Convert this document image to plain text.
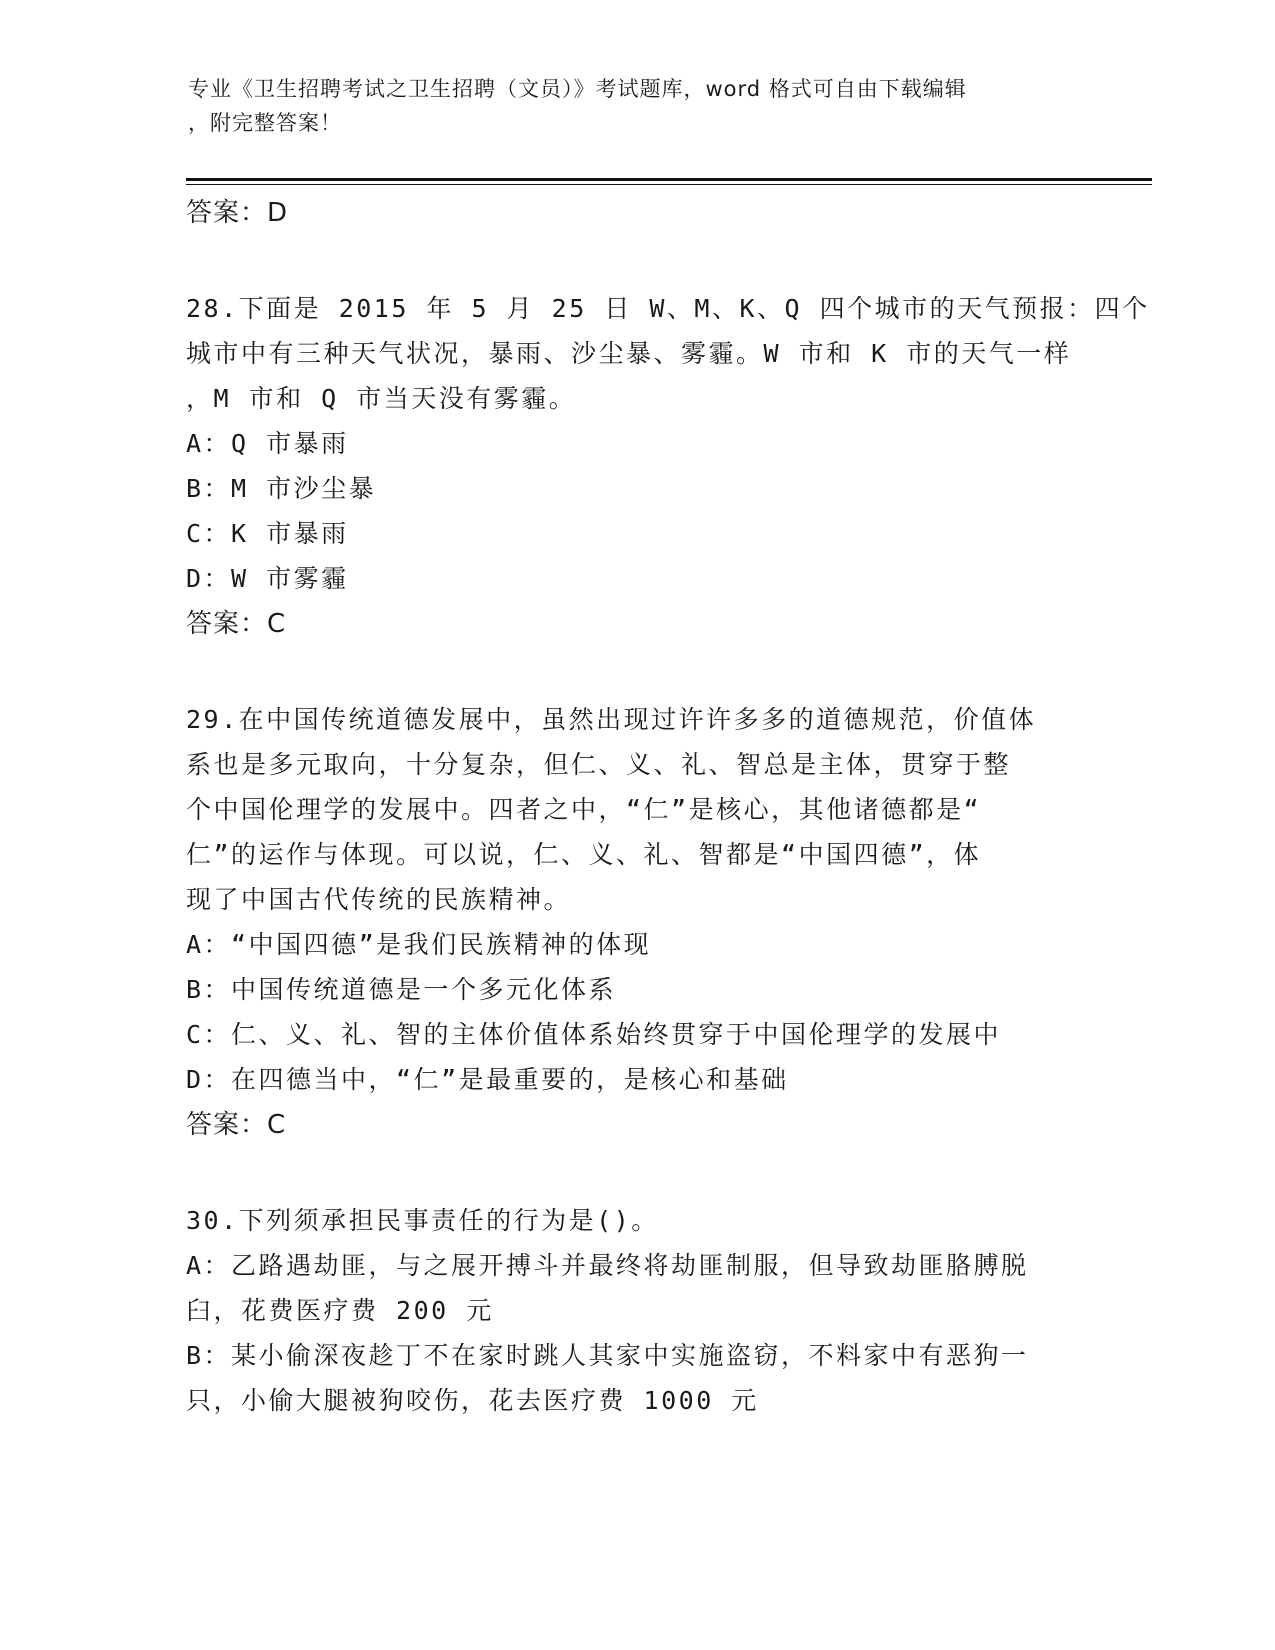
专业《卫生招聘考试之卫生招聘（文员）》考试题库，word 格式可自由下载编辑
，附完整答案！
答案：D
28.下面是 2015 年 5 月 25 日 W、M、K、Q 四个城市的天气预报：四个
城市中有三种天气状况，暴雨、沙尘暴、雾霾。W 市和 K 市的天气一样
，M 市和 Q 市当天没有雾霾。
A：Q 市暴雨
B：M 市沙尘暴
C：K 市暴雨
D：W 市雾霾
答案：C
29.在中国传统道德发展中，虽然出现过许许多多的道德规范，价值体
系也是多元取向，十分复杂，但仁、义、礼、智总是主体，贯穿于整
个中国伦理学的发展中。四者之中，“仁”是核心，其他诸德都是“
仁”的运作与体现。可以说，仁、义、礼、智都是“中国四德”，体
现了中国古代传统的民族精神。
A：“中国四德”是我们民族精神的体现
B：中国传统道德是一个多元化体系
C：仁、义、礼、智的主体价值体系始终贯穿于中国伦理学的发展中
D：在四德当中，“仁”是最重要的，是核心和基础
答案：C
30.下列须承担民事责任的行为是()。
A：乙路遇劫匪，与之展开搏斗并最终将劫匪制服，但导致劫匪胳膊脱
臼，花费医疗费 200 元
B：某小偷深夜趁丁不在家时跳人其家中实施盗窃，不料家中有恶狗一
只，小偷大腿被狗咬伤，花去医疗费 1000 元
